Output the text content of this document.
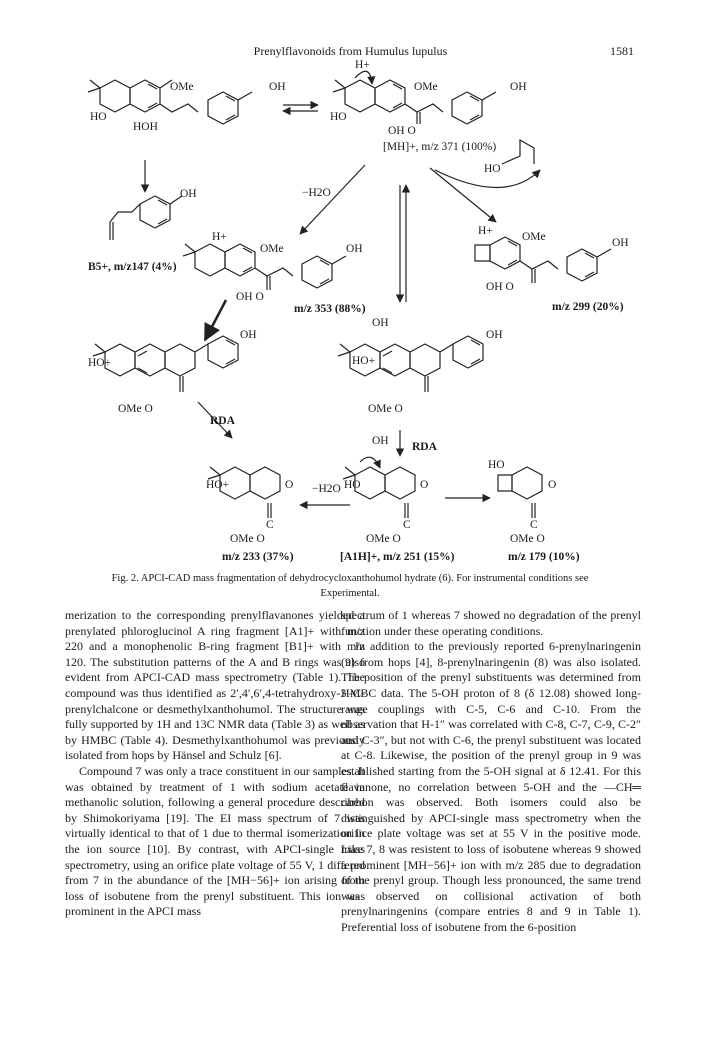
Prenylflavonoids from Humulus lupulus	1581
OH
OMe
HO
HOH
H+
OMe	OH
HO
OH O
[MH]+, m/z 371 (100%)
HO
OH
B5+, m/z147 (4%)
−H2O
H+
OMe	OH
OH O
m/z 353 (88%)
H+	OMe	OH
OH O
m/z 299 (20%)
OH
HO+
OMe O
RDA
OH
OH
HO+
OMe O
OH RDA
HO	O
C
OMe O
−H2O
HO+	O
C
OMe O
HO
O
C
OMe O
m/z 233 (37%)	[A1H]+, m/z 251 (15%)	m/z 179 (10%)
Fig. 2. APCI-CAD mass fragmentation of dehydrocycloxanthohumol hydrate (6). For instrumental conditions see Experimental.

merization to the corresponding prenylflavanones yielded a prenylated phloroglucinol A ring fragment [A1]+ with m/z 220 and a monophenolic B-ring fragment [B1]+ with m/z 120. The substitution patterns of the A and B rings was also evident from APCI-CAD mass spectrometry (Table 1). The compound was thus identified as 2′,4′,6′,4-tetrahydroxy-3′-C-prenylchalcone or desmethylxanthohumol. The structure was fully supported by 1H and 13C NMR data (Table 3) as well as by HMBC (Table 4). Desmethylxanthohumol was previously isolated from hops by Hänsel and Schulz [6].

Compound 7 was only a trace constituent in our samples. It was obtained by treatment of 1 with sodium acetate in methanolic solution, following a general procedure described by Shimokoriyama [19]. The EI mass spectrum of 7 was virtually identical to that of 1 due to thermal isomerization in the ion source [10]. By contrast, with APCI-single mass spectrometry, using an orifice plate voltage of 55 V, 1 differed from 7 in the abundance of the [MH−56]+ ion arising from loss of isobutene from the prenyl substituent. This ion was prominent in the APCI mass

spectrum of 1 whereas 7 showed no degradation of the prenyl function under these operating conditions.

In addition to the previously reported 6-prenylnaringenin (9) from hops [4], 8-prenylnaringenin (8) was also isolated. The position of the prenyl substituents was determined from HMBC data. The 5-OH proton of 8 (δ 12.08) showed long-range couplings with C-5, C-6 and C-10. From the observation that H-1″ was correlated with C-8, C-7, C-9, C-2″ and C-3″, but not with C-6, the prenyl substituent was located at C-8. Likewise, the position of the prenyl group in 9 was established starting from the 5-OH signal at δ 12.41. For this flavanone, no correlation between 5-OH and the —CH═ carbon was observed. Both isomers could also be distinguished by APCI-single mass spectrometry when the orifice plate voltage was set at 55 V in the positive mode. Like 7, 8 was resistent to loss of isobutene whereas 9 showed a prominent [MH−56]+ ion with m/z 285 due to degradation of the prenyl group. Though less pronounced, the same trend was observed on collisional activation of both prenylnaringenins (compare entries 8 and 9 in Table 1). Preferential loss of isobutene from the 6-position
